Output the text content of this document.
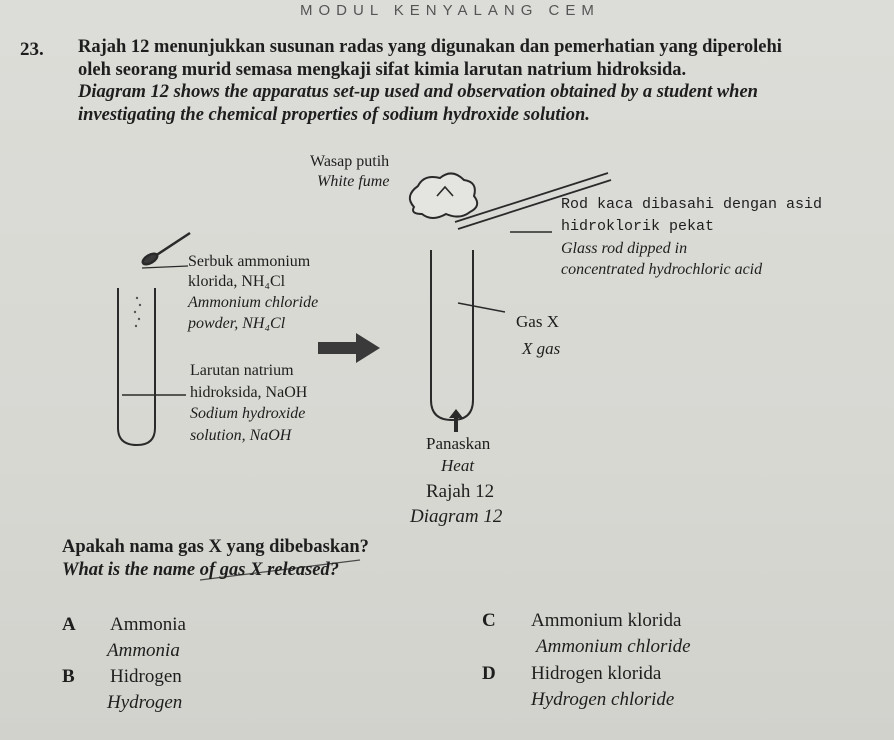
MODUL KENYALANG CEM
23. Rajah 12 menunjukkan susunan radas yang digunakan dan pemerhatian yang diperolehi
oleh seorang murid semasa mengkaji sifat kimia larutan natrium hidroksida.
Diagram 12 shows the apparatus set-up used and observation obtained by a student when
investigating the chemical properties of sodium hydroxide solution.
Wasap putih
White fume
Rod kaca dibasahi dengan asid
hidroklorik pekat
Glass rod dipped in
concentrated hydrochloric acid
Serbuk ammonium
klorida, NH₄Cl
Ammonium chloride
powder, NH₄Cl
Larutan natrium
hidroksida, NaOH
Sodium hydroxide
solution, NaOH
Gas X
X gas
Panaskan
Heat
Rajah 12
Diagram 12
Apakah nama gas X yang dibebaskan?
What is the name of gas X released?
A Ammonia
Ammonia
B Hidrogen
Hydrogen
C Ammonium klorida
Ammonium chloride
D Hidrogen klorida
Hydrogen chloride
